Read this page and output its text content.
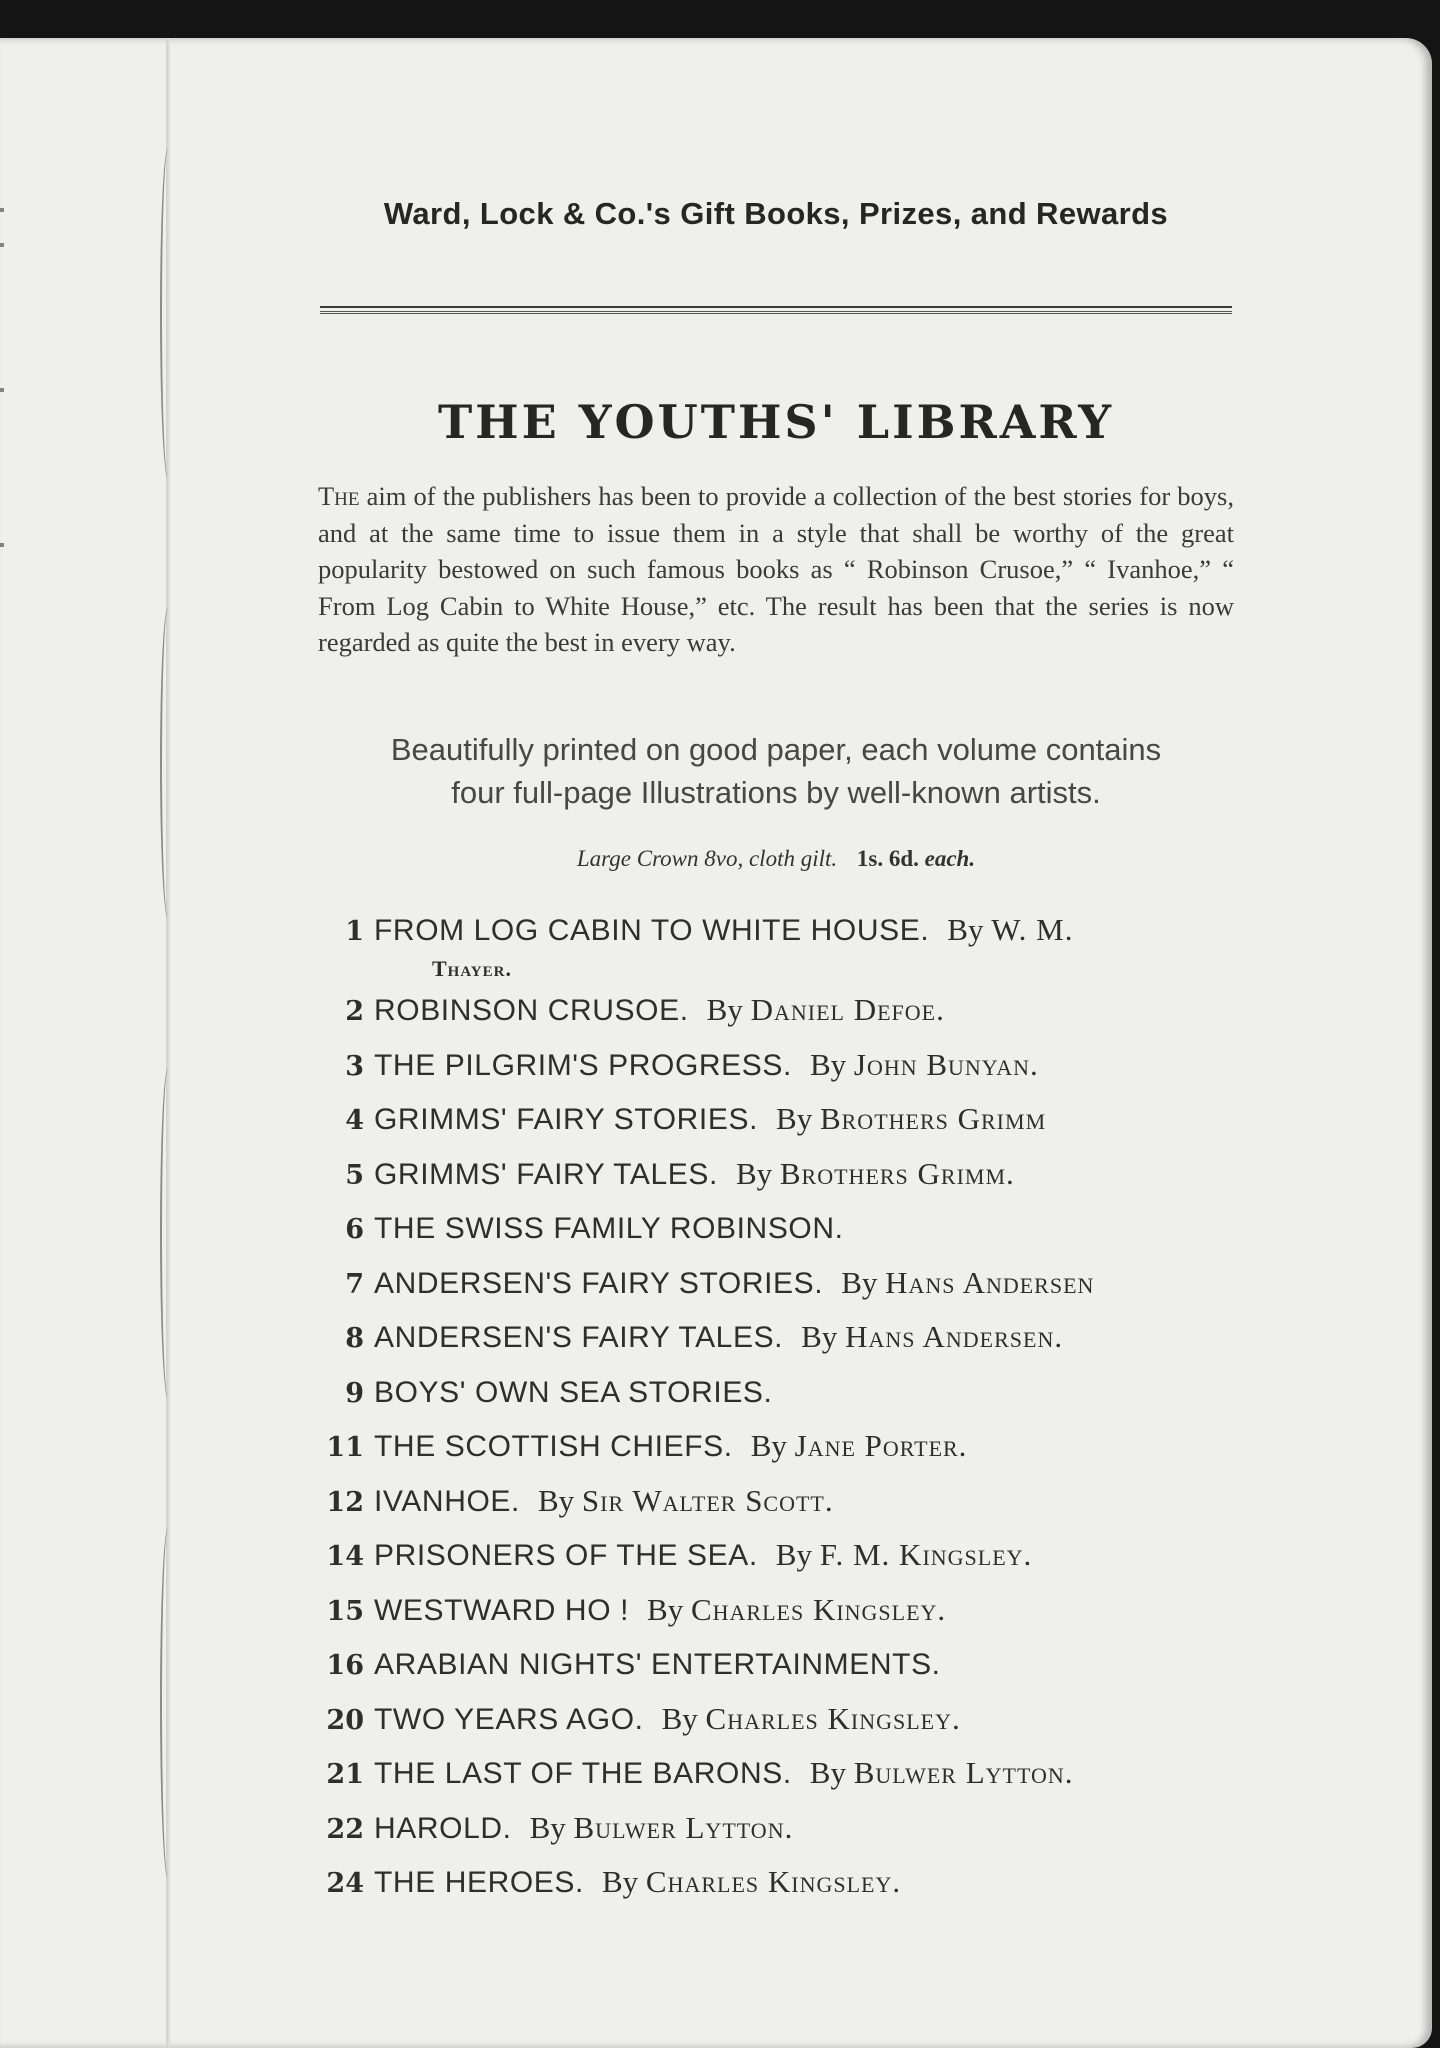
Ward, Lock & Co.'s Gift Books, Prizes, and Rewards
THE YOUTHS' LIBRARY
The aim of the publishers has been to provide a collection of the best stories for boys, and at the same time to issue them in a style that shall be worthy of the great popularity bestowed on such famous books as “ Robinson Crusoe,” “ Ivanhoe,” “ From Log Cabin to White House,” etc. The result has been that the series is now regarded as quite the best in every way.
Beautifully printed on good paper, each volume contains
four full-page Illustrations by well-known artists.
Large Crown 8vo, cloth gilt. 1s. 6d. each.
1 FROM LOG CABIN TO WHITE HOUSE. By W. M.
Thayer.
2 ROBINSON CRUSOE. By Daniel Defoe.
3 THE PILGRIM'S PROGRESS. By John Bunyan.
4 GRIMMS' FAIRY STORIES. By Brothers Grimm
5 GRIMMS' FAIRY TALES. By Brothers Grimm.
6 THE SWISS FAMILY ROBINSON.
7 ANDERSEN'S FAIRY STORIES. By Hans Andersen
8 ANDERSEN'S FAIRY TALES. By Hans Andersen.
9 BOYS' OWN SEA STORIES.
11 THE SCOTTISH CHIEFS. By Jane Porter.
12 IVANHOE. By Sir Walter Scott.
14 PRISONERS OF THE SEA. By F. M. Kingsley.
15 WESTWARD HO ! By Charles Kingsley.
16 ARABIAN NIGHTS' ENTERTAINMENTS.
20 TWO YEARS AGO. By Charles Kingsley.
21 THE LAST OF THE BARONS. By Bulwer Lytton.
22 HAROLD. By Bulwer Lytton.
24 THE HEROES. By Charles Kingsley.
